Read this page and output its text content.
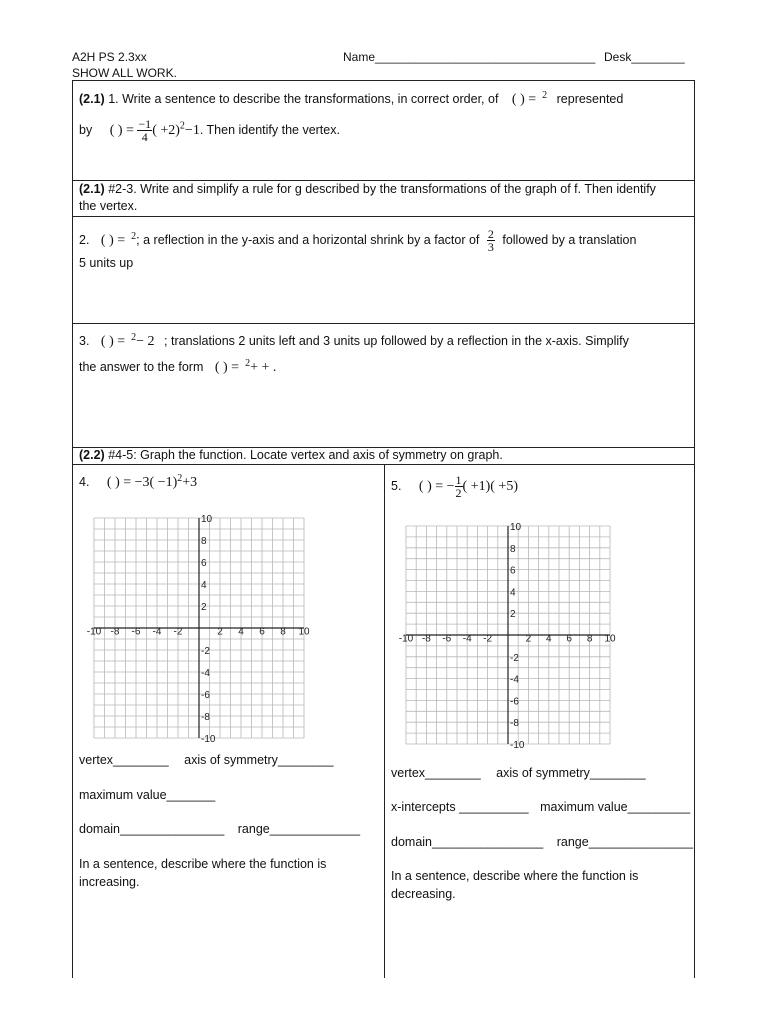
A2H PS 2.3xx
SHOW ALL WORK.
Name_________________________________ Desk________
(2.1) 1. Write a sentence to describe the transformations, in correct order, of ( ) = $^2$ represented
by ( ) = $\frac{-1}{4}$ ( +2)$^2$−1. Then identify the vertex.
(2.1) #2-3. Write and simplify a rule for g described by the transformations of the graph of f. Then identify
the vertex.
2. ( ) = $^2$; a reflection in the y-axis and a horizontal shrink by a factor of $\frac{2}{3}$ followed by a translation
5 units up
3. ( ) = $^2$− 2 ; translations 2 units left and 3 units up followed by a reflection in the x-axis. Simplify
the answer to the form ( ) = $^2$+ + .
(2.2) #4-5: Graph the function. Locate vertex and axis of symmetry on graph.
4. ( ) = $-3( -1)^2+3$
-10 -8 -6 -4 -2	2 4 6 8 10
10
8
6
4
2
-2
-4
-6
-8
-10
vertex________ axis of symmetry________
maximum value_______
domain_______________ range_____________
In a sentence, describe where the function is
increasing.
5. ( ) = − $\frac{1}{2}$ ( +1)( +5)
-10 -8 -6 -4 -2	2 4 6 8 10
10
8
6
4
2
-2
-4
-6
-8
-10
vertex________ axis of symmetry________
x-intercepts __________ maximum value_________
domain________________ range_______________
In a sentence, describe where the function is
decreasing.
